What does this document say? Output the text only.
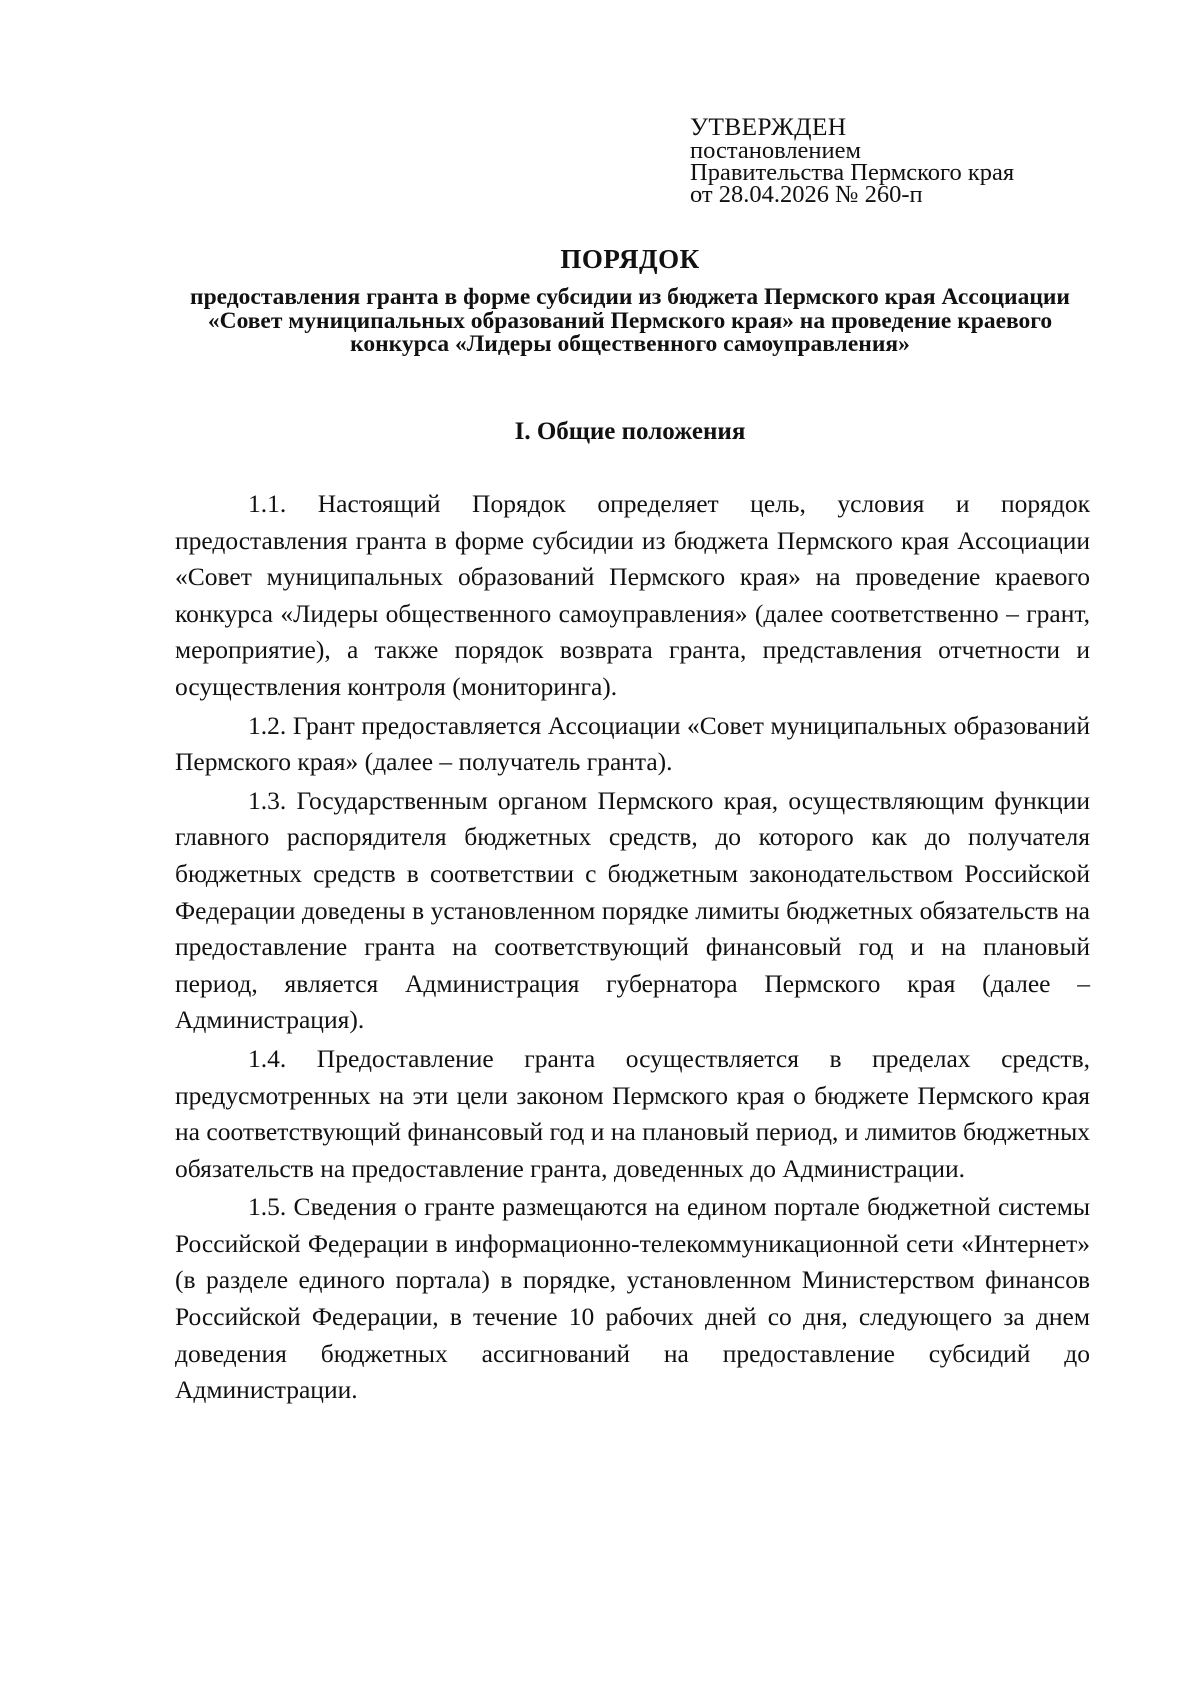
УТВЕРЖДЕН
постановлением
Правительства Пермского края
от 28.04.2026 № 260-п
ПОРЯДОК
предоставления гранта в форме субсидии из бюджета Пермского края Ассоциации «Совет муниципальных образований Пермского края» на проведение краевого конкурса «Лидеры общественного самоуправления»
I. Общие положения

1.1. Настоящий Порядок определяет цель, условия и порядок предоставления гранта в форме субсидии из бюджета Пермского края Ассоциации «Совет муниципальных образований Пермского края» на проведение краевого конкурса «Лидеры общественного самоуправления» (далее соответственно – грант, мероприятие), а также порядок возврата гранта, представления отчетности и осуществления контроля (мониторинга).

1.2. Грант предоставляется Ассоциации «Совет муниципальных образований Пермского края» (далее – получатель гранта).

1.3. Государственным органом Пермского края, осуществляющим функции главного распорядителя бюджетных средств, до которого как до получателя бюджетных средств в соответствии с бюджетным законодательством Российской Федерации доведены в установленном порядке лимиты бюджетных обязательств на предоставление гранта на соответствующий финансовый год и на плановый период, является Администрация губернатора Пермского края (далее – Администрация).

1.4. Предоставление гранта осуществляется в пределах средств, предусмотренных на эти цели законом Пермского края о бюджете Пермского края на соответствующий финансовый год и на плановый период, и лимитов бюджетных обязательств на предоставление гранта, доведенных до Администрации.

1.5. Сведения о гранте размещаются на едином портале бюджетной системы Российской Федерации в информационно-телекоммуникационной сети «Интернет» (в разделе единого портала) в порядке, установленном Министерством финансов Российской Федерации, в течение 10 рабочих дней со дня, следующего за днем доведения бюджетных ассигнований на предоставление субсидий до Администрации.
